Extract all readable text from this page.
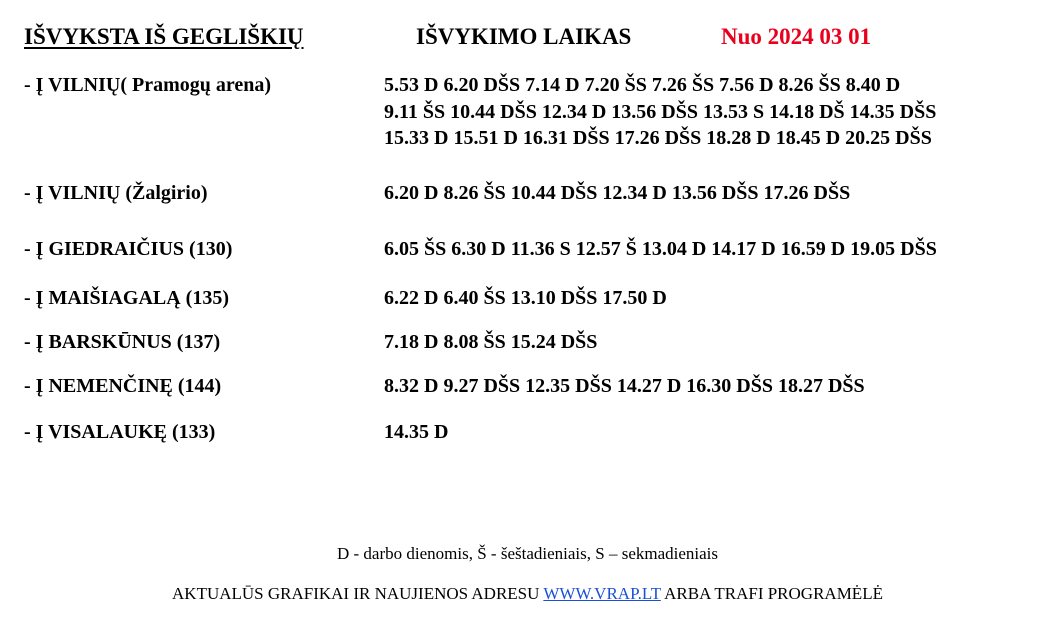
IŠVYKSTA IŠ GEGLIŠKIŲ	IŠVYKIMO LAIKAS	Nuo 2024 03 01
- Į VILNIŲ( Pramogų arena)	5.53 D 6.20 DŠS 7.14 D 7.20 ŠS 7.26 ŠS 7.56 D 8.26 ŠS 8.40 D
9.11 ŠS 10.44 DŠS 12.34 D 13.56 DŠS 13.53 S 14.18 DŠ 14.35 DŠS
15.33 D 15.51 D 16.31 DŠS 17.26 DŠS 18.28 D 18.45 D 20.25 DŠS
- Į VILNIŲ (Žalgirio)	6.20 D 8.26 ŠS 10.44 DŠS 12.34 D 13.56 DŠS 17.26 DŠS
- Į GIEDRAIČIUS (130)	6.05 ŠS 6.30 D 11.36 S 12.57 Š 13.04 D 14.17 D 16.59 D 19.05 DŠS
- Į MAIŠIAGALĄ (135)	6.22 D 6.40 ŠS 13.10 DŠS 17.50 D
- Į BARSKŪNUS (137)	7.18 D 8.08 ŠS 15.24 DŠS
- Į NEMENČINĘ (144)	8.32 D 9.27 DŠS 12.35 DŠS 14.27 D 16.30 DŠS 18.27 DŠS
- Į VISALAUKĘ (133)	14.35 D
D - darbo dienomis, Š - šeštadieniais, S – sekmadieniais
AKTUALŪS GRAFIKAI IR NAUJIENOS ADRESU WWW.VRAP.LT ARBA TRAFI PROGRAMĖLĖ
